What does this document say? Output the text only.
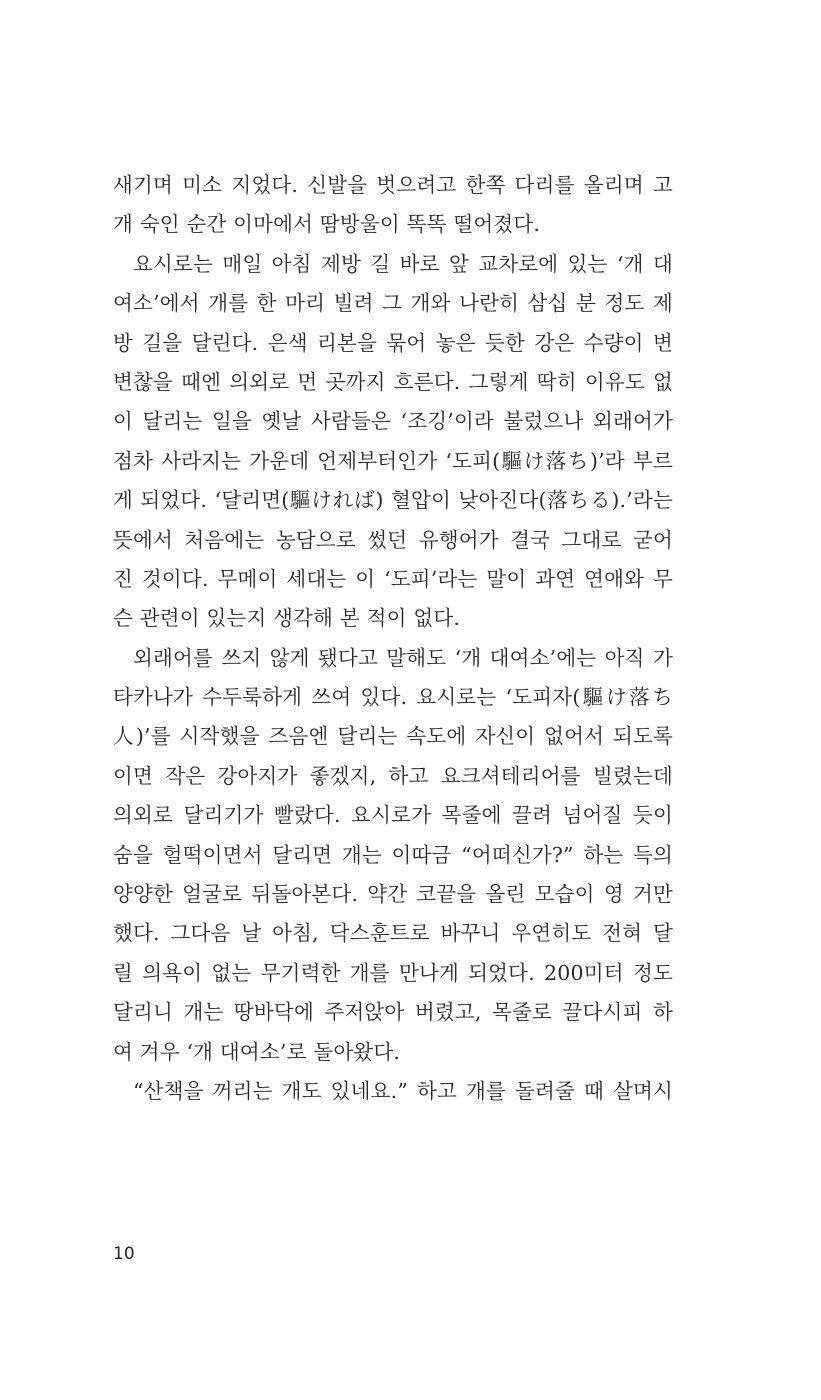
새기며 미소 지었다. 신발을 벗으려고 한쪽 다리를 올리며 고
개 숙인 순간 이마에서 땀방울이 똑똑 떨어졌다.
요시로는 매일 아침 제방 길 바로 앞 교차로에 있는 ‘개 대
여소’에서 개를 한 마리 빌려 그 개와 나란히 삼십 분 정도 제
방 길을 달린다. 은색 리본을 묶어 놓은 듯한 강은 수량이 변
변찮을 때엔 의외로 먼 곳까지 흐른다. 그렇게 딱히 이유도 없
이 달리는 일을 옛날 사람들은 ‘조깅’이라 불렀으나 외래어가
점차 사라지는 가운데 언제부터인가 ‘도피(驅け落ち)’라 부르
게 되었다. ‘달리면(驅ければ) 혈압이 낮아진다(落ちる).’라는
뜻에서 처음에는 농담으로 썼던 유행어가 결국 그대로 굳어
진 것이다. 무메이 세대는 이 ‘도피’라는 말이 과연 연애와 무
슨 관련이 있는지 생각해 본 적이 없다.
외래어를 쓰지 않게 됐다고 말해도 ‘개 대여소’에는 아직 가
타카나가 수두룩하게 쓰여 있다. 요시로는 ‘도피자(驅け落ち
人)’를 시작했을 즈음엔 달리는 속도에 자신이 없어서 되도록
이면 작은 강아지가 좋겠지, 하고 요크셔테리어를 빌렸는데
의외로 달리기가 빨랐다. 요시로가 목줄에 끌려 넘어질 듯이
숨을 헐떡이면서 달리면 개는 이따금 “어떠신가?” 하는 득의
양양한 얼굴로 뒤돌아본다. 약간 코끝을 올린 모습이 영 거만
했다. 그다음 날 아침, 닥스훈트로 바꾸니 우연히도 전혀 달
릴 의욕이 없는 무기력한 개를 만나게 되었다. 200미터 정도
달리니 개는 땅바닥에 주저앉아 버렸고, 목줄로 끌다시피 하
여 겨우 ‘개 대여소’로 돌아왔다.
“산책을 꺼리는 개도 있네요.” 하고 개를 돌려줄 때 살며시
10
